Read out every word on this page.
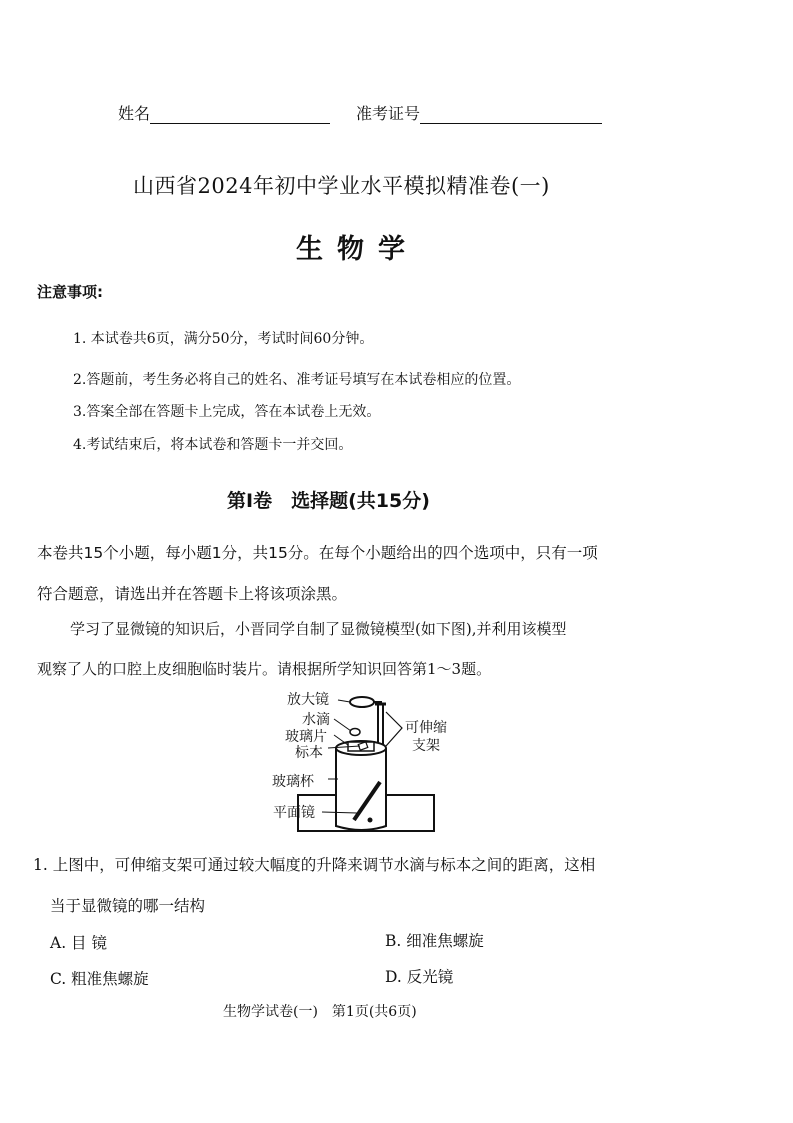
姓名	准考证号
山西省2024年初中学业水平模拟精准卷(一)
生物学
注意事项:
1. 本试卷共6页，满分50分，考试时间60分钟。
2.答题前，考生务必将自己的姓名、准考证号填写在本试卷相应的位置。
3.答案全部在答题卡上完成，答在本试卷上无效。
4.考试结束后，将本试卷和答题卡一并交回。
第Ⅰ卷　选择题(共15分)
本卷共15个小题，每小题1分，共15分。在每个小题给出的四个选项中，只有一项
符合题意，请选出并在答题卡上将该项涂黑。
学习了显微镜的知识后，小晋同学自制了显微镜模型(如下图),并利用该模型
观察了人的口腔上皮细胞临时装片。请根据所学知识回答第1～3题。
放大镜
水滴
玻璃片
标本
玻璃杯
平面镜
可伸缩
支架
1. 上图中，可伸缩支架可通过较大幅度的升降来调节水滴与标本之间的距离，这相
当于显微镜的哪一结构
A. 目 镜	B. 细准焦螺旋
C. 粗准焦螺旋	D. 反光镜
生物学试卷(一)　第1页(共6页)
